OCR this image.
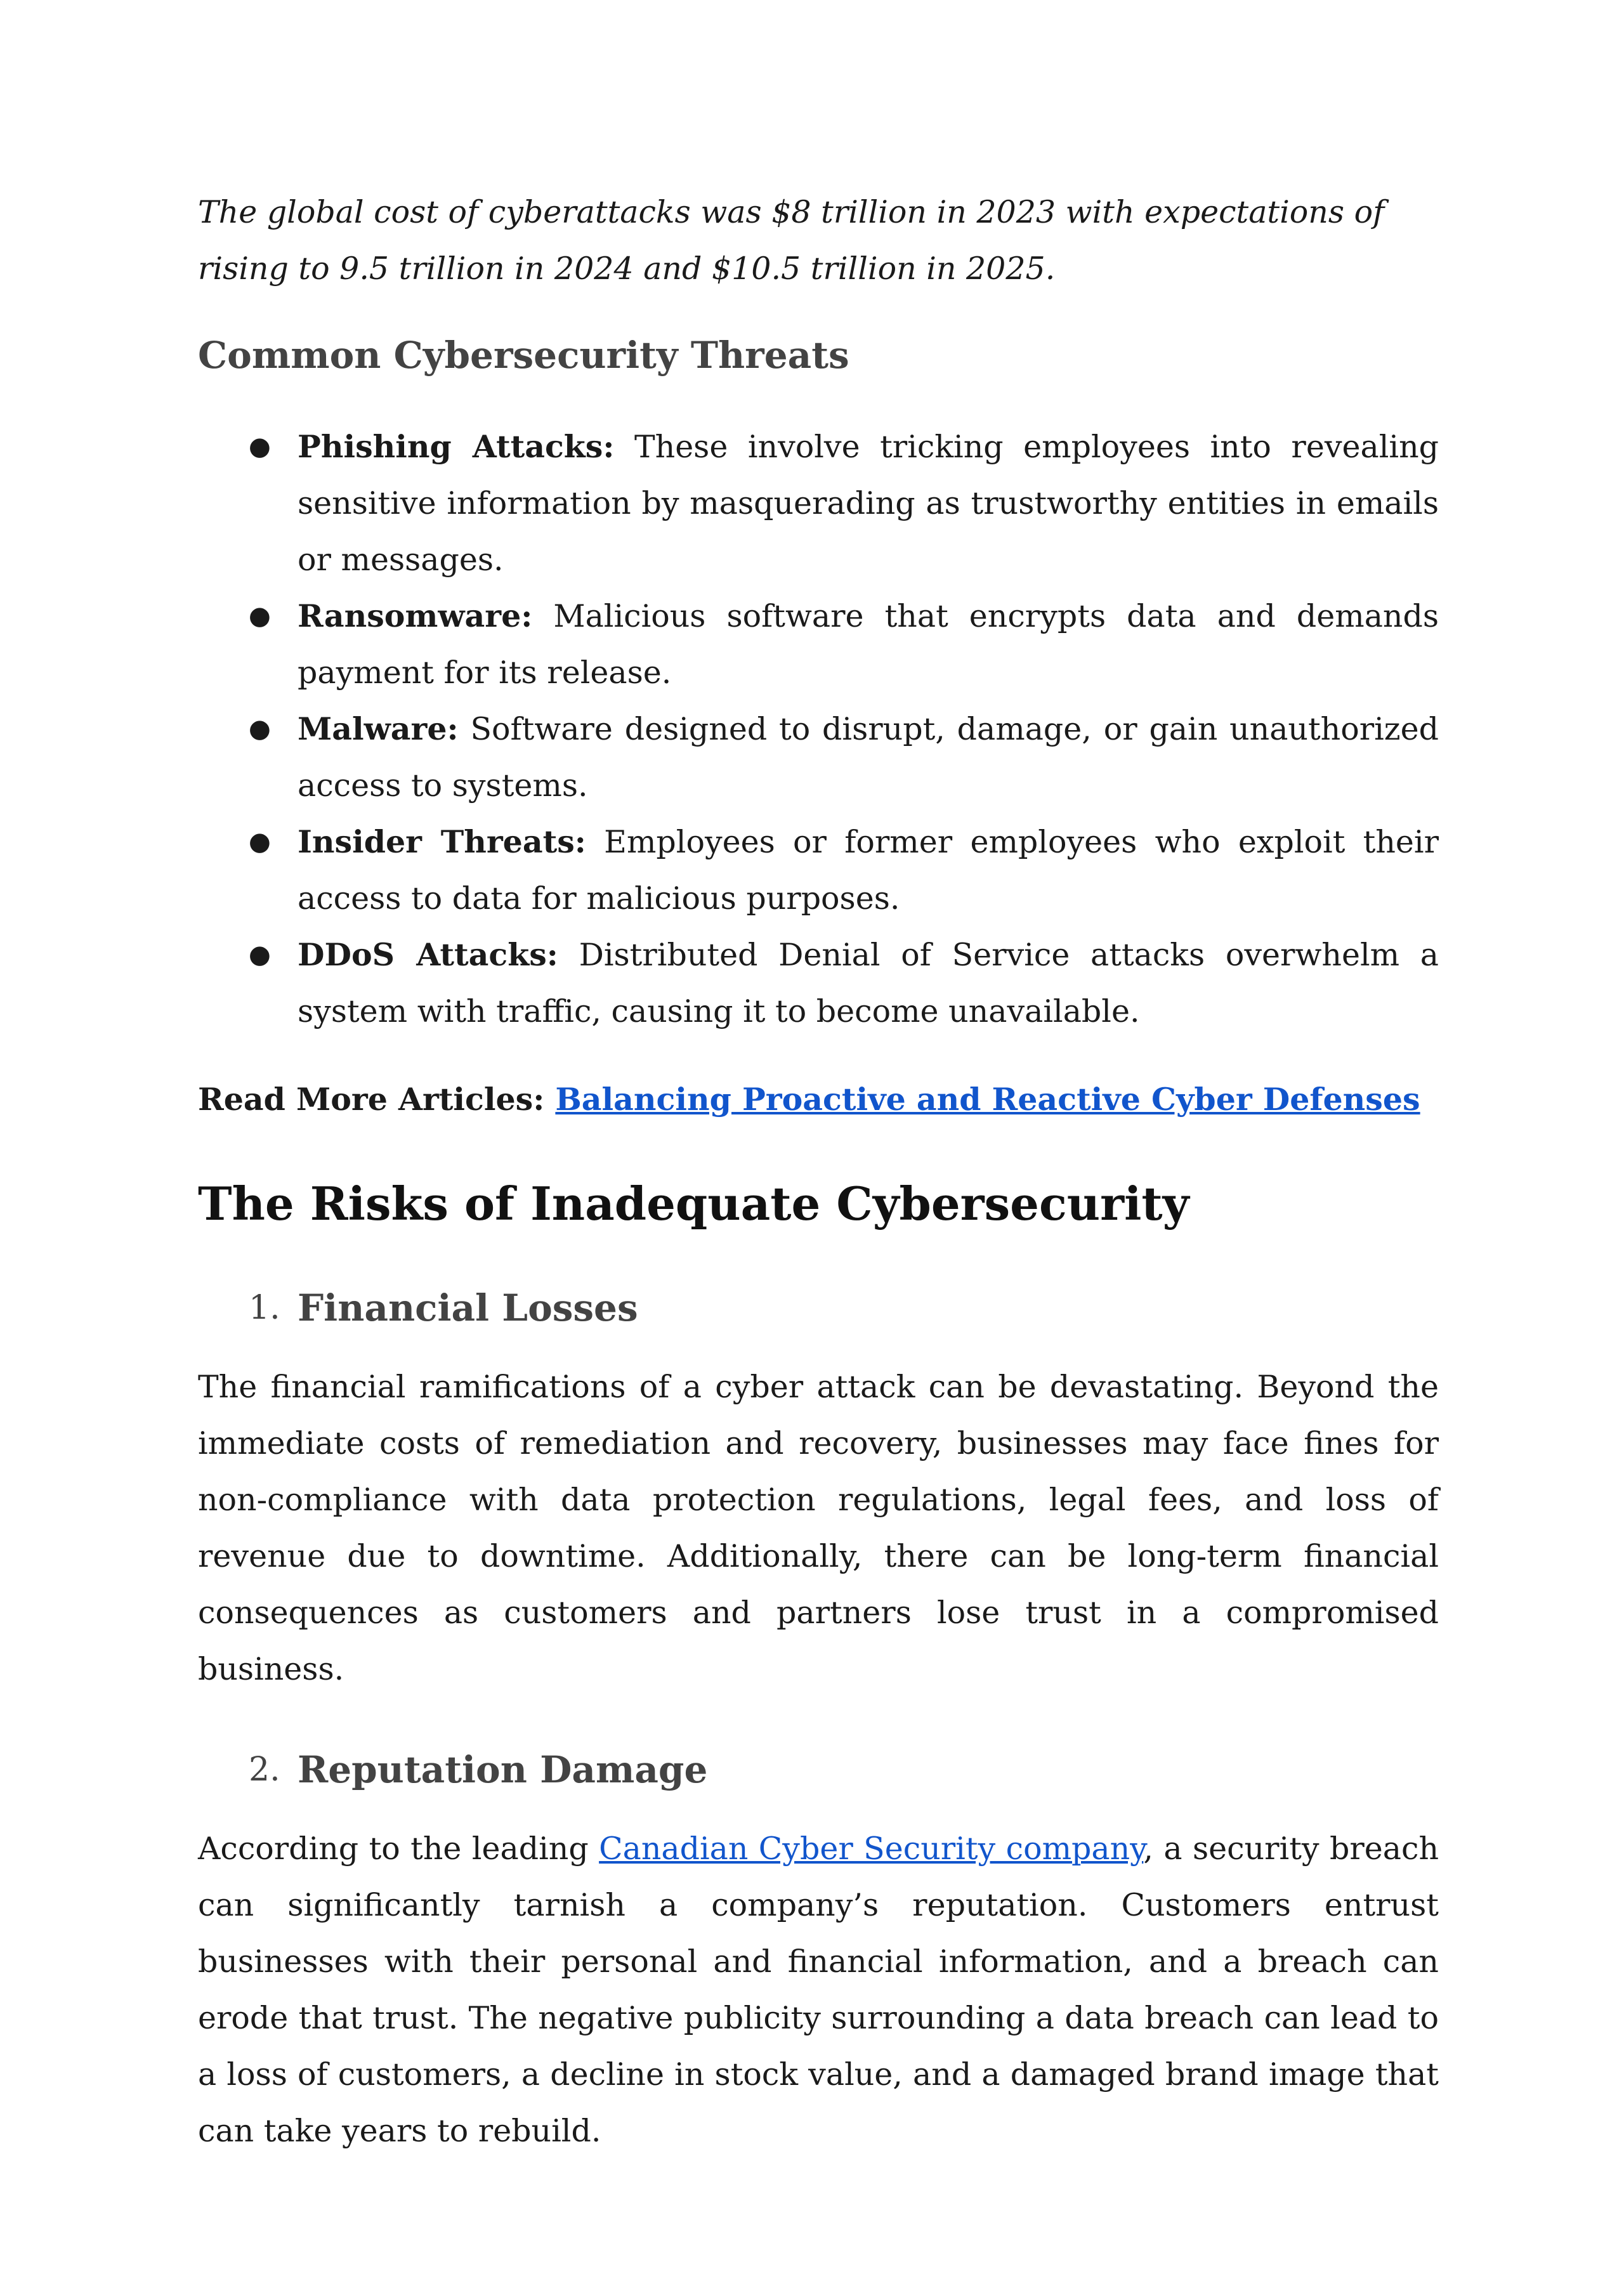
The global cost of cyberattacks was $8 trillion in 2023 with expectations of rising to 9.5 trillion in 2024 and $10.5 trillion in 2025.

Common Cybersecurity Threats
● Phishing Attacks: These involve tricking employees into revealing sensitive information by masquerading as trustworthy entities in emails or messages.
● Ransomware: Malicious software that encrypts data and demands payment for its release.
● Malware: Software designed to disrupt, damage, or gain unauthorized access to systems.
● Insider Threats: Employees or former employees who exploit their access to data for malicious purposes.
● DDoS Attacks: Distributed Denial of Service attacks overwhelm a system with traffic, causing it to become unavailable.

Read More Articles: Balancing Proactive and Reactive Cyber Defenses

The Risks of Inadequate Cybersecurity
1. Financial Losses

The financial ramifications of a cyber attack can be devastating. Beyond the immediate costs of remediation and recovery, businesses may face fines for non-compliance with data protection regulations, legal fees, and loss of revenue due to downtime. Additionally, there can be long-term financial consequences as customers and partners lose trust in a compromised business.

2. Reputation Damage

According to the leading Canadian Cyber Security company, a security breach can significantly tarnish a company’s reputation. Customers entrust businesses with their personal and financial information, and a breach can erode that trust. The negative publicity surrounding a data breach can lead to a loss of customers, a decline in stock value, and a damaged brand image that can take years to rebuild.
